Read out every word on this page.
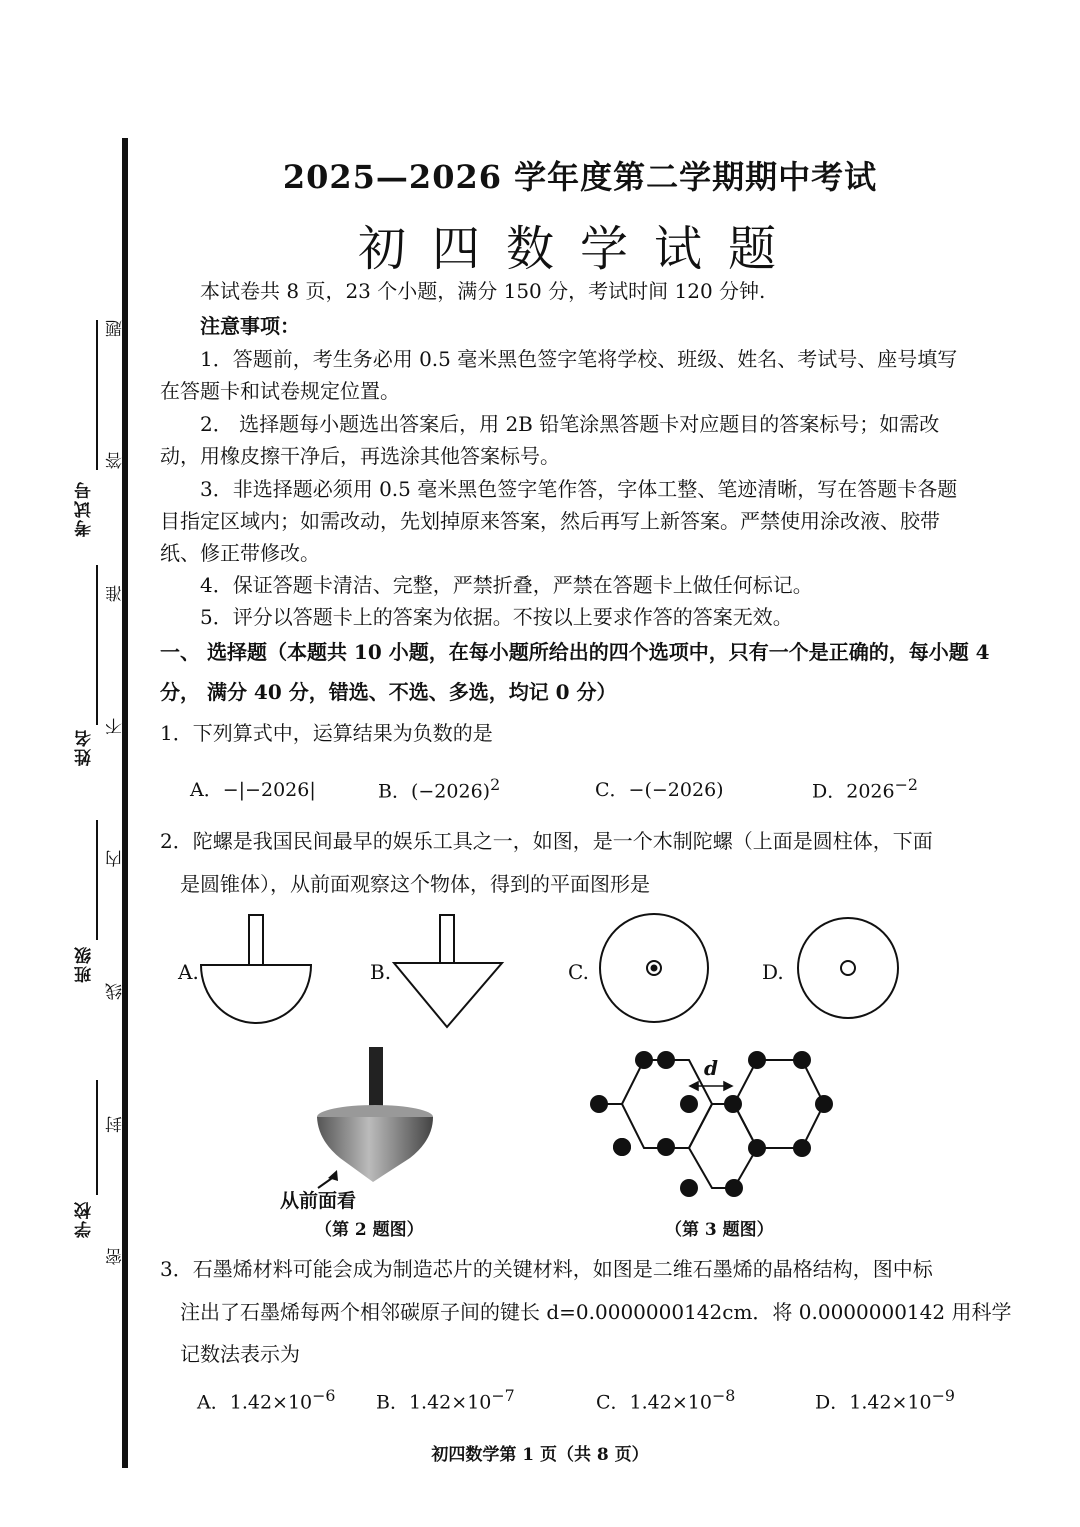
考试号
姓名
班级
学校
题
答
准
不
内
线
封
密
2025—2026 学年度第二学期期中考试
初四数学试题
本试卷共 8 页，23 个小题，满分 150 分，考试时间 120 分钟.
注意事项：
1．答题前，考生务必用 0.5 毫米黑色签字笔将学校、班级、姓名、考试号、座号填写
在答题卡和试卷规定位置。
2． 选择题每小题选出答案后，用 2B 铅笔涂黑答题卡对应题目的答案标号；如需改
动，用橡皮擦干净后，再选涂其他答案标号。
3．非选择题必须用 0.5 毫米黑色签字笔作答，字体工整、笔迹清晰，写在答题卡各题
目指定区域内；如需改动，先划掉原来答案，然后再写上新答案。严禁使用涂改液、胶带
纸、修正带修改。
4．保证答题卡清洁、完整，严禁折叠，严禁在答题卡上做任何标记。
5．评分以答题卡上的答案为依据。不按以上要求作答的答案无效。
一、 选择题（本题共 10 小题，在每小题所给出的四个选项中，只有一个是正确的，每小题 4
分， 满分 40 分，错选、不选、多选，均记 0 分）
1．下列算式中，运算结果为负数的是
A．−|−2026|	B．$(-2026)^2$	C．−(−2026)	D．$2026^{-2}$
2．陀螺是我国民间最早的娱乐工具之一，如图，是一个木制陀螺（上面是圆柱体，下面
是圆锥体），从前面观察这个物体，得到的平面图形是
A.	B.	C.	D.
d
从前面看
（第 2 题图）	（第 3 题图）
3．石墨烯材料可能会成为制造芯片的关键材料，如图是二维石墨烯的晶格结构，图中标
注出了石墨烯每两个相邻碳原子间的键长 d=0.0000000142cm．将 0.0000000142 用科学
记数法表示为
A．$1.42\times 10^{-6}$ B．$1.42\times 10^{-7}$	C．$1.42\times 10^{-8}$	D．$1.42\times 10^{-9}$
初四数学第 1 页（共 8 页）
